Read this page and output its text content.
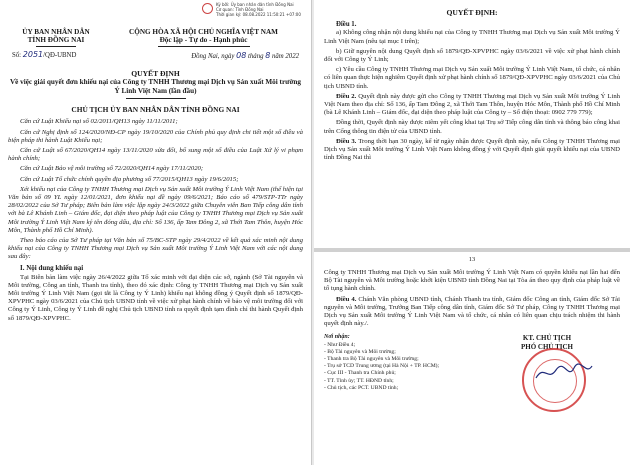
Ký bởi: Ủy ban nhân dân tỉnh Đồng Nai
Cơ quan: Tỉnh Đồng Nai
Thời gian ký: 08.08.2022 11:50:21 +07:00
ỦY BAN NHÂN DÂN
TỈNH ĐỒNG NAI
Số: 2051/QĐ-UBND
CỘNG HÒA XÃ HỘI CHỦ NGHĨA VIỆT NAM
Độc lập - Tự do - Hạnh phúc
Đồng Nai, ngày 08 tháng 8 năm 2022
QUYẾT ĐỊNH
Về việc giải quyết đơn khiếu nại của Công ty TNHH Thương mại Dịch vụ Sản xuất Môi trường Ý Linh Việt Nam (lần đầu)
CHỦ TỊCH ỦY BAN NHÂN DÂN TỈNH ĐỒNG NAI

Căn cứ Luật Khiếu nại số 02/2011/QH13 ngày 11/11/2011;

Căn cứ Nghị định số 124/2020/NĐ-CP ngày 19/10/2020 của Chính phủ quy định chi tiết một số điều và biện pháp thi hành Luật Khiếu nại;

Căn cứ Luật số 67/2020/QH14 ngày 13/11/2020 sửa đổi, bổ sung một số điều của Luật Xử lý vi phạm hành chính;

Căn cứ Luật Bảo vệ môi trường số 72/2020/QH14 ngày 17/11/2020;

Căn cứ Luật Tổ chức chính quyền địa phương số 77/2015/QH13 ngày 19/6/2015;

Xét khiếu nại của Công ty TNHH Thương mại Dịch vụ Sản xuất Môi trường Ý Linh Việt Nam (thể hiện tại Văn bản số 09 YL ngày 12/01/2021, đơn khiếu nại đề ngày 09/6/2021; Báo cáo số 479/STP-TTr ngày 28/02/2022 của Sở Tư pháp; Biên bản làm việc lập ngày 24/3/2022 giữa Chuyên viên Ban Tiếp công dân tỉnh với bà Lê Khánh Linh – Giám đốc, đại diện theo pháp luật của Công ty TNHH Thương mại Dịch vụ Sản xuất Môi trường Ý Linh Việt Nam ký tên đóng dấu, địa chỉ: Số 136, ấp Tam Đông 2, xã Thới Tam Thôn, huyện Hóc Môn, Thành phố Hồ Chí Minh).

Theo báo cáo của Sở Tư pháp tại Văn bản số 75/BC-STP ngày 29/4/2022 về kết quả xác minh nội dung khiếu nại của Công ty TNHH Thương mại Dịch vụ Sản xuất Môi trường Ý Linh Việt Nam với các nội dung sau đây:

I. Nội dung khiếu nại

Tại Biên bản làm việc ngày 26/4/2022 giữa Tổ xác minh với đại diện các sở, ngành (Sở Tài nguyên và Môi trường, Công an tỉnh, Thanh tra tỉnh), theo đó xác định: Công ty TNHH Thương mại Dịch vụ Sản xuất Môi trường Ý Linh Việt Nam (gọi tắt là Công ty Ý Linh) khiếu nại không đồng ý Quyết định số 1879/QĐ-XPVPHC ngày 03/6/2021 của Chủ tịch UBND tỉnh về việc xử phạt hành chính về bảo vệ môi trường đối với Công ty Ý Linh, Công ty Ý Linh đề nghị Chủ tịch UBND tỉnh ra quyết định tạm đình chỉ thi hành Quyết định số 1879/QĐ-XPVPHC.

QUYẾT ĐỊNH:
Điều 1.

a) Không công nhận nội dung khiếu nại của Công ty TNHH Thương mại Dịch vụ Sản xuất Môi trường Ý Linh Việt Nam (nêu tại mục I trên);

b) Giữ nguyên nội dung Quyết định số 1879/QĐ-XPVPHC ngày 03/6/2021 về việc xử phạt hành chính đối với Công ty Ý Linh;

c) Yêu cầu Công ty TNHH Thương mại Dịch vụ Sản xuất Môi trường Ý Linh Việt Nam, tổ chức, cá nhân có liên quan thực hiện nghiêm Quyết định xử phạt hành chính số 1879/QĐ-XPVPHC ngày 03/6/2021 của Chủ tịch UBND tỉnh.

Điều 2. Quyết định này được gửi cho Công ty TNHH Thương mại Dịch vụ Sản xuất Môi trường Ý Linh Việt Nam theo địa chỉ: Số 136, ấp Tam Đông 2, xã Thới Tam Thôn, huyện Hóc Môn, Thành phố Hồ Chí Minh (bà Lê Khánh Linh – Giám đốc, đại diện theo pháp luật của Công ty – Số điện thoại: 0902 779 779);

Đồng thời, Quyết định này được niêm yết công khai tại Trụ sở Tiếp công dân tỉnh và thông báo công khai trên Cổng thông tin điện tử của UBND tỉnh.

Điều 3. Trong thời hạn 30 ngày, kể từ ngày nhận được Quyết định này, nếu Công ty TNHH Thương mại Dịch vụ Sản xuất Môi trường Ý Linh Việt Nam không đồng ý với Quyết định giải quyết khiếu nại của UBND tỉnh Đồng Nai thì

13

Công ty TNHH Thương mại Dịch vụ Sản xuất Môi trường Ý Linh Việt Nam có quyền khiếu nại lần hai đến Bộ Tài nguyên và Môi trường hoặc khởi kiện UBND tỉnh Đồng Nai tại Tòa án theo quy định của pháp luật về tố tụng hành chính.

Điều 4. Chánh Văn phòng UBND tỉnh, Chánh Thanh tra tỉnh, Giám đốc Công an tỉnh, Giám đốc Sở Tài nguyên và Môi trường, Trưởng Ban Tiếp công dân tỉnh, Giám đốc Sở Tư pháp, Công ty TNHH Thương mại Dịch vụ Sản xuất Môi trường Ý Linh Việt Nam và tổ chức, cá nhân có liên quan chịu trách nhiệm thi hành quyết định này./.

Nơi nhận:
- Như Điều 4;
- Bộ Tài nguyên và Môi trường;
- Thanh tra Bộ Tài nguyên và Môi trường;
- Trụ sở TCD Trung ương (tại Hà Nội + TP. HCM);
- Cục III - Thanh tra Chính phủ;
- TT. Tỉnh ủy; TT. HĐND tỉnh;
- Chủ tịch, các PCT. UBND tỉnh;
KT. CHỦ TỊCH
PHÓ CHỦ TỊCH
